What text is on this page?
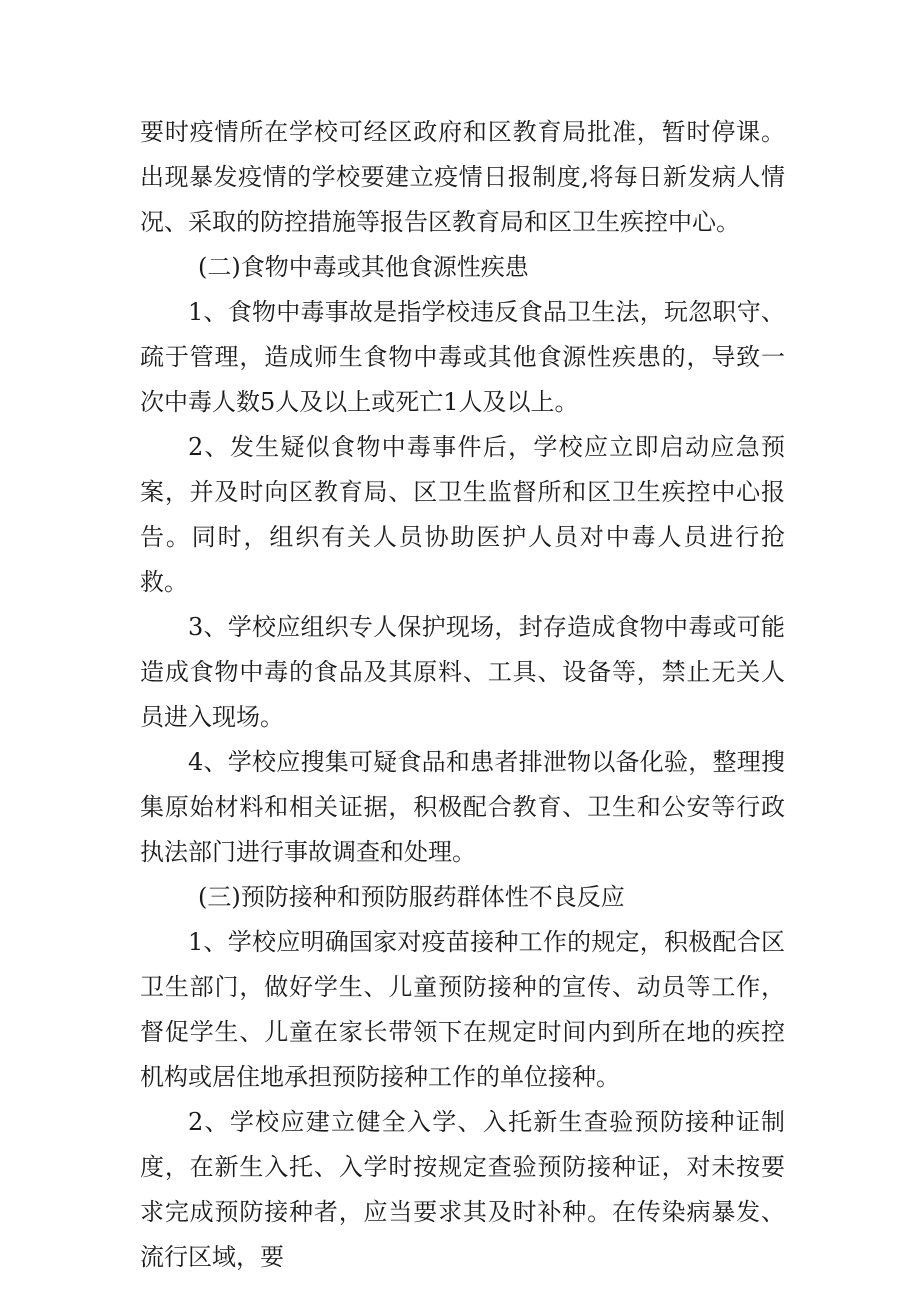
要时疫情所在学校可经区政府和区教育局批准，暂时停课。出现暴发疫情的学校要建立疫情日报制度,将每日新发病人情况、采取的防控措施等报告区教育局和区卫生疾控中心。

(二)食物中毒或其他食源性疾患

1、食物中毒事故是指学校违反食品卫生法，玩忽职守、疏于管理，造成师生食物中毒或其他食源性疾患的，导致一次中毒人数5人及以上或死亡1人及以上。

2、发生疑似食物中毒事件后，学校应立即启动应急预案，并及时向区教育局、区卫生监督所和区卫生疾控中心报告。同时，组织有关人员协助医护人员对中毒人员进行抢救。

3、学校应组织专人保护现场，封存造成食物中毒或可能造成食物中毒的食品及其原料、工具、设备等，禁止无关人员进入现场。

4、学校应搜集可疑食品和患者排泄物以备化验，整理搜集原始材料和相关证据，积极配合教育、卫生和公安等行政执法部门进行事故调查和处理。

(三)预防接种和预防服药群体性不良反应

1、学校应明确国家对疫苗接种工作的规定，积极配合区卫生部门，做好学生、儿童预防接种的宣传、动员等工作，督促学生、儿童在家长带领下在规定时间内到所在地的疾控机构或居住地承担预防接种工作的单位接种。

2、学校应建立健全入学、入托新生查验预防接种证制度，在新生入托、入学时按规定查验预防接种证，对未按要求完成预防接种者，应当要求其及时补种。在传染病暴发、流行区域，要
